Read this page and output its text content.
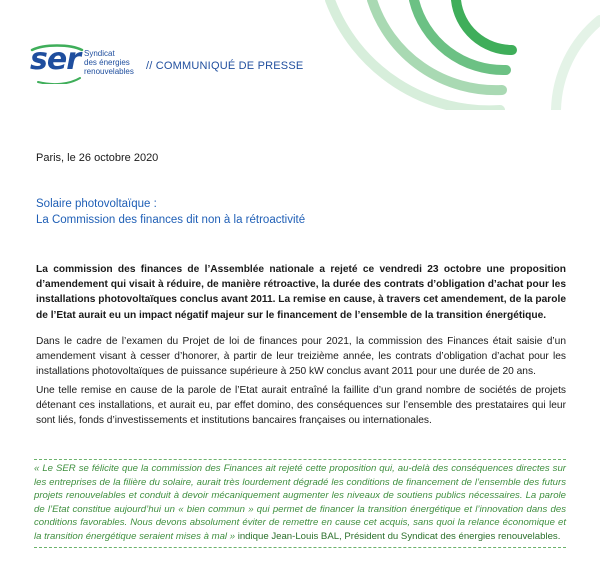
ser Syndicat
des énergies
renouvelables	// COMMUNIQUÉ DE PRESSE
Paris, le 26 octobre 2020
Solaire photovoltaïque :
La Commission des finances dit non à la rétroactivité
La commission des finances de l’Assemblée nationale a rejeté ce vendredi 23 octobre une proposition d’amendement qui visait à réduire, de manière rétroactive, la durée des contrats d’obligation d’achat pour les installations photovoltaïques conclus avant 2011. La remise en cause, à travers cet amendement, de la parole de l’Etat aurait eu un impact négatif majeur sur le financement de l’ensemble de la transition énergétique.
Dans le cadre de l’examen du Projet de loi de finances pour 2021, la commission des Finances était saisie d’un amendement visant à cesser d’honorer, à partir de leur treizième année, les contrats d’obligation d’achat pour les installations photovoltaïques de puissance supérieure à 250 kW conclus avant 2011 pour une durée de 20 ans.
Une telle remise en cause de la parole de l’Etat aurait entraîné la faillite d’un grand nombre de sociétés de projets détenant ces installations, et aurait eu, par effet domino, des conséquences sur l’ensemble des prestataires qui leur sont liés, fonds d’investissements et institutions bancaires françaises ou internationales.
« Le SER se félicite que la commission des Finances ait rejeté cette proposition qui, au-delà des conséquences directes sur les entreprises de la filière du solaire, aurait très lourdement dégradé les conditions de financement de l’ensemble des futurs projets renouvelables et conduit à devoir mécaniquement augmenter les niveaux de soutiens publics nécessaires. La parole de l’Etat constitue aujourd’hui un « bien commun » qui permet de financer la transition énergétique et l’innovation dans des conditions favorables. Nous devons absolument éviter de remettre en cause cet acquis, sans quoi la relance économique et la transition énergétique seraient mises à mal » indique Jean-Louis BAL, Président du Syndicat des énergies renouvelables.
